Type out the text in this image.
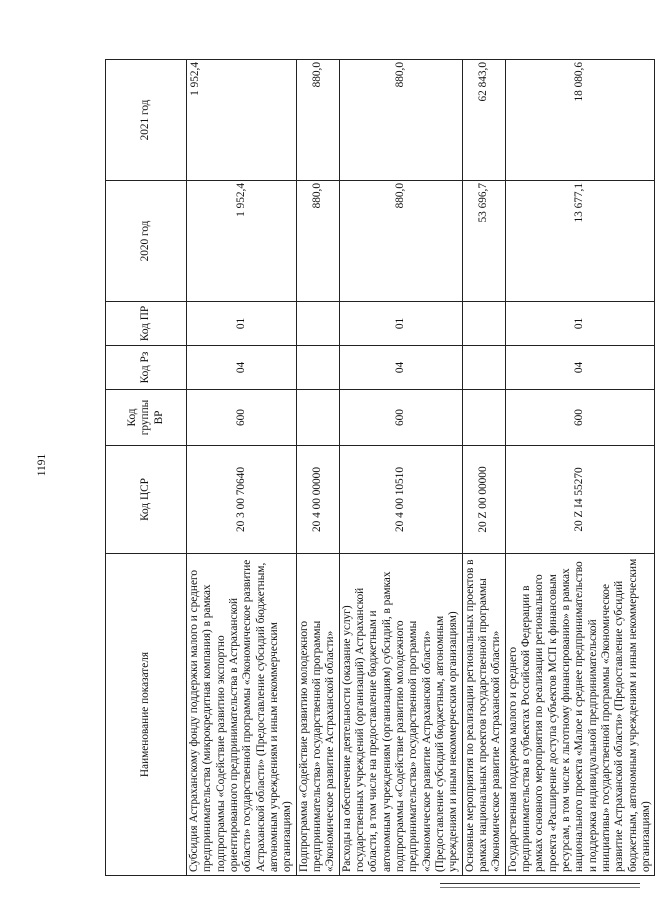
1191
Наименование показателя	Код ЦСР	Код группы ВР	Код Рз	Код ПР	2020 год	2021 год
Субсидия Астраханскому фонду поддержки малого и среднего предпринимательства (микрокредитная компания) в рамках подпрограммы «Содействие развитию экспортно ориентированного предпринимательства в Астраханской области» государственной программы «Экономическое развитие Астраханской области» (Предоставление субсидий бюджетным, автономным учреждениям и иным некоммерческим организациям)	20 3 00 70640	600	04	01	1 952,4	1 952,4
Подпрограмма «Содействие развитию молодежного предпринимательства» государственной программы «Экономическое развитие Астраханской области»	20 4 00 00000				880,0	880,0
Расходы на обеспечение деятельности (оказание услуг) государственных учреждений (организаций) Астраханской области, в том числе на предоставление бюджетным и автономным учреждениям (организациям) субсидий, в рамках подпрограммы «Содействие развитию молодежного предпринимательства» государственной программы «Экономическое развитие Астраханской области» (Предоставление субсидий бюджетным, автономным учреждениям и иным некоммерческим организациям)	20 4 00 10510	600	04	01	880,0	880,0
Основные мероприятия по реализации региональных проектов в рамках национальных проектов государственной программы «Экономическое развитие Астраханской области»	20 Z 00 00000				53 696,7	62 843,0
Государственная поддержка малого и среднего предпринимательства в субъектах Российской Федерации в рамках основного мероприятия по реализации регионального проекта «Расширение доступа субъектов МСП к финансовым ресурсам, в том числе к льготному финансированию» в рамках национального проекта «Малое и среднее предпринимательство и поддержка индивидуальной предпринимательской инициативы» государственной программы «Экономическое развитие Астраханской области» (Предоставление субсидий бюджетным, автономным учреждениям и иным некоммерческим организациям)	20 Z I4 55270	600	04	01	13 677,1	18 080,6
